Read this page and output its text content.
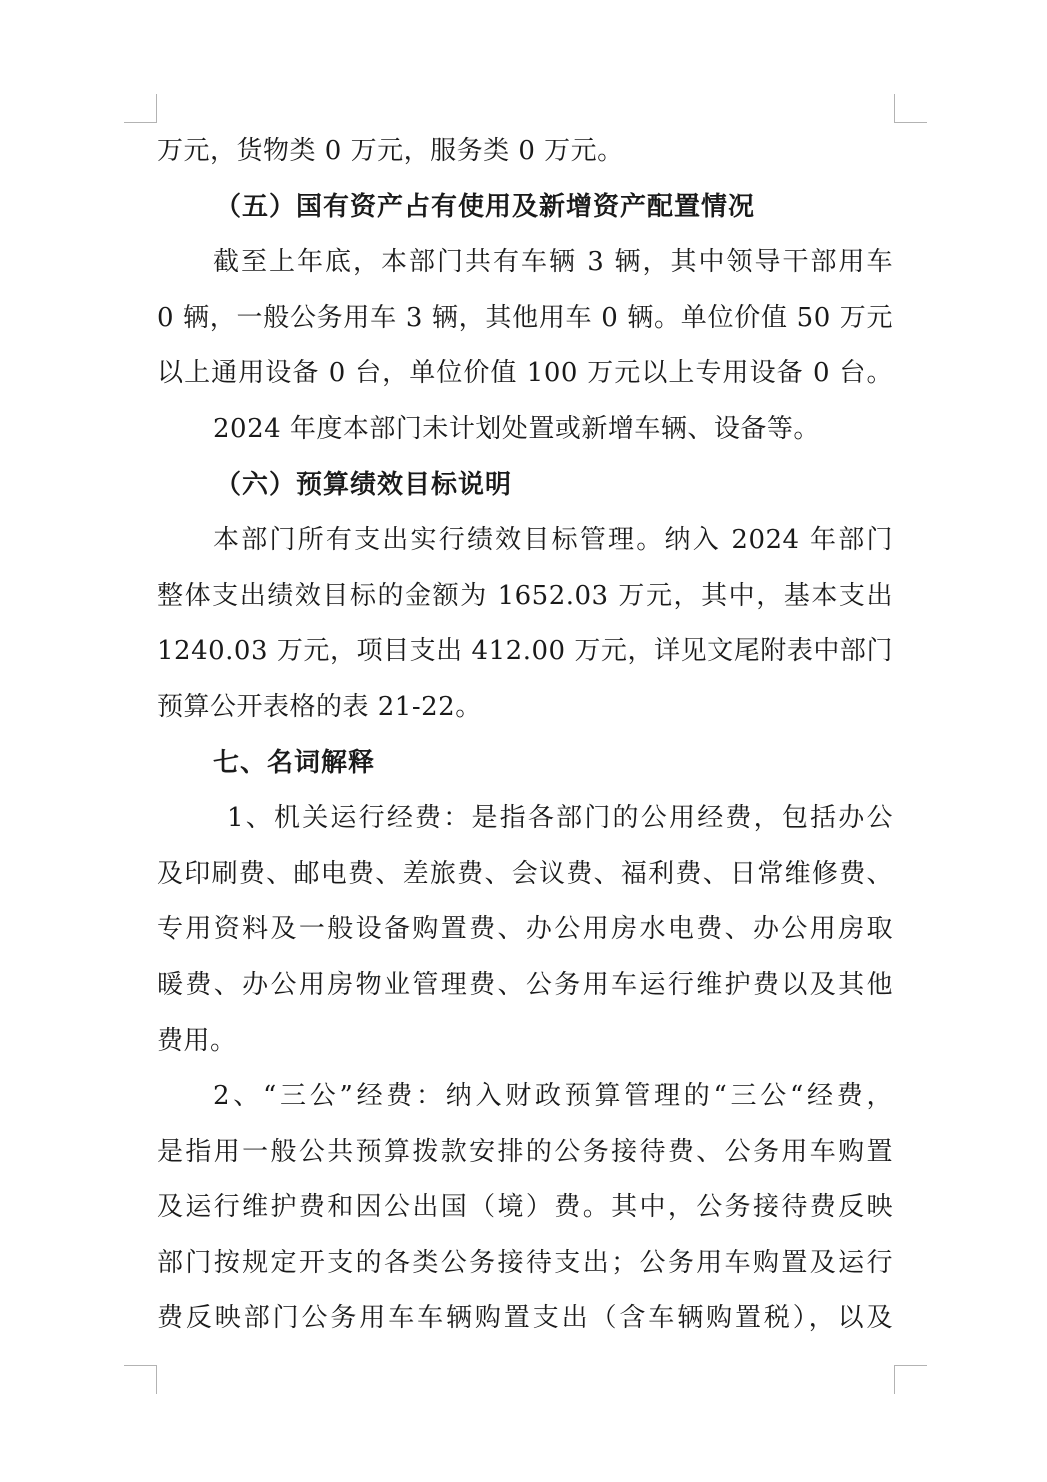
万元，货物类 0 万元，服务类 0 万元。
（五）国有资产占有使用及新增资产配置情况
截至上年底，本部门共有车辆 3 辆，其中领导干部用车
0 辆，一般公务用车 3 辆，其他用车 0 辆。单位价值 50 万元
以上通用设备 0 台，单位价值 100 万元以上专用设备 0 台。
2024 年度本部门未计划处置或新增车辆、设备等。
（六）预算绩效目标说明
本部门所有支出实行绩效目标管理。纳入 2024 年部门
整体支出绩效目标的金额为 1652.03 万元，其中，基本支出
1240.03 万元，项目支出 412.00 万元，详见文尾附表中部门
预算公开表格的表 21-22。
七、名词解释
1、机关运行经费：是指各部门的公用经费，包括办公
及印刷费、邮电费、差旅费、会议费、福利费、日常维修费、
专用资料及一般设备购置费、办公用房水电费、办公用房取
暖费、办公用房物业管理费、公务用车运行维护费以及其他
费用。
2、“三公”经费：纳入财政预算管理的“三公“经费，
是指用一般公共预算拨款安排的公务接待费、公务用车购置
及运行维护费和因公出国（境）费。其中，公务接待费反映
部门按规定开支的各类公务接待支出；公务用车购置及运行
费反映部门公务用车车辆购置支出（含车辆购置税），以及
